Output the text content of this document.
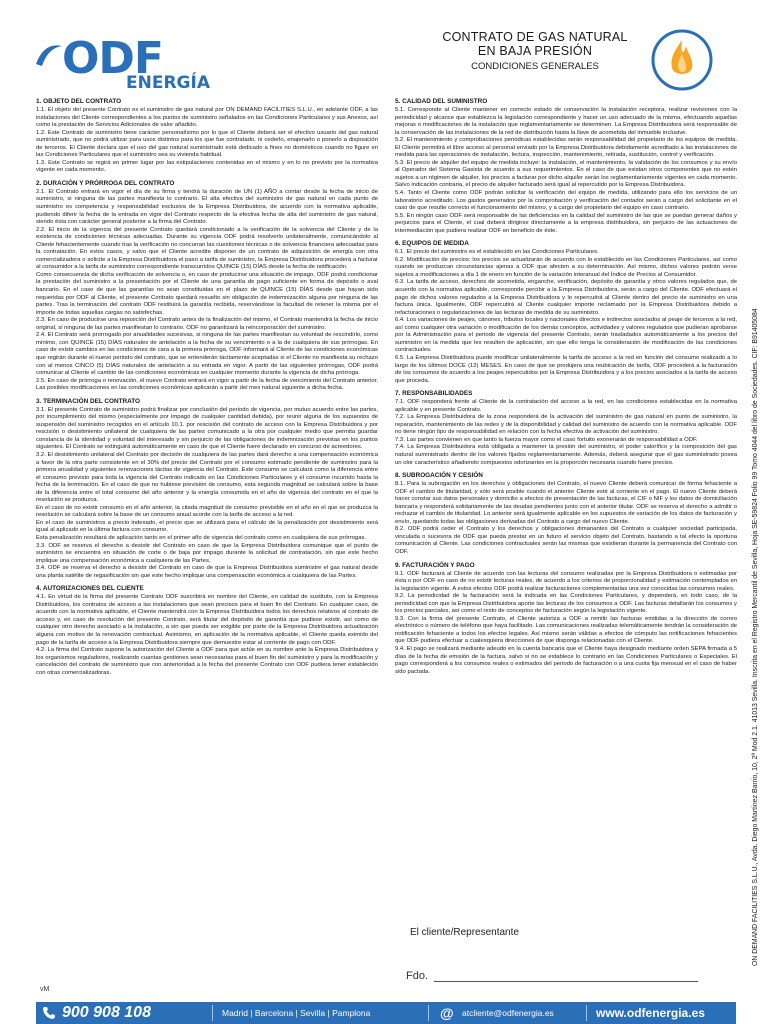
ODF
ENERGÍA
CONTRATO DE GAS NATURAL
EN BAJA PRESIÓN
CONDICIONES GENERALES
1. OBJETO DEL CONTRATO

1.1. El objeto del presente Contrato es el suministro de gas natural por ON DEMAND FACILITIES S.L.U., en adelante ODF, a las instalaciones del Cliente correspondientes a los puntos de suministro señalados en las Condiciones Particulares y sus Anexos, así como la prestación de Servicios Adicionales de valor añadido.

1.2. Este Contrato de suministro tiene carácter personalísimo por lo que el Cliente deberá ser el efectivo usuario del gas natural suministrado, que no podrá utilizar para usos distintos para los que fue contratado, ni cederlo, enajenarlo o ponerlo a disposición de terceros. El Cliente declara que el uso del gas natural suministrado está dedicado a fines no domésticos cuando no figure en las Condiciones Particulares que el suministro sea su vivienda habitual.

1.3. Este Contrato se regirá en primer lugar por las estipulaciones contenidas en el mismo y en lo no previsto por la normativa vigente en cada momento.

2. DURACIÓN Y PRÓRROGA DEL CONTRATO

2.1. El Contrato entrará en vigor el día de su firma y tendrá la duración de UN (1) AÑO a contar desde la fecha de inicio de suministro, si ninguna de las partes manifiesta lo contrario. El alta efectiva del suministro de gas natural en cada punto de suministro es competencia y responsabilidad exclusiva de la Empresa Distribuidora, de acuerdo con la normativa aplicable, pudiendo diferir la fecha de la entrada en vigor del Contrato respecto de la efectiva fecha de alta del suministro de gas natural, siendo ésta con carácter general posterior a la firma del Contrato.

2.2. El inicio de la vigencia del presente Contrato quedará condicionado a la verificación de la solvencia del Cliente y de la existencia de condiciones técnicas adecuadas. Durante su vigencia ODF podrá resolverlo unilateralmente, comunicándolo al Cliente fehacientemente cuando tras la verificación no concurran las cuestiones técnicas o de solvencia financiera adecuadas para la contratación. En estos casos, y salvo que el Cliente acredite disponer de un contrato de adquisición de energía con otra comercializadora o solicite a la Empresa Distribuidora el paso a tarifa de suministro, la Empresa Distribuidora procederá a facturar al consumidor a la tarifa de suministro correspondiente transcurridos QUINCE (15) DÍAS desde la fecha de notificación.

Como consecuencia de dicha verificación de solvencia o, en caso de producirse una situación de impago, ODF podrá condicionar la prestación del suministro a la presentación por el Cliente de una garantía de pago suficiente en forma de depósito o aval bancario. En el caso de que las garantías no sean constituidas en el plazo de QUINCE (15) DÍAS desde que hayan sido requeridas por ODF al Cliente, el presente Contrato quedará resuelto sin obligación de indemnización alguna por ninguna de las partes. Tras la terminación del contrato ODF restituirá la garantía recibida, reservándose la facultad de retener la misma por el importe de todas aquellas cargas no satisfechas.

2.3. En caso de producirse una reposición del Contrato antes de la finalización del mismo, el Contrato mantendrá la fecha de inicio original, si ninguna de las partes manifiestan lo contrario. ODF no garantizará la reincorporación del suministro.

2.4. El Contrato será prorrogado por anualidades sucesivas, si ninguna de las partes manifiestan su voluntad de rescindirlo, como mínimo, con QUINCE (15) DÍAS naturales de antelación a la fecha de su vencimiento o a la de cualquiera de sus prórrogas. En caso de existir cambios en las condiciones de cara a la primera prórroga, ODF informará al Cliente de las condiciones económicas que regirán durante el nuevo periodo del contrato, que se entenderán tácitamente aceptadas si el Cliente no manifiesta su rechazo con al menos CINCO (5) DÍAS naturales de antelación a su entrada en vigor. A partir de las siguientes prórrogas, ODF podrá comunicar al Cliente el cambio de las condiciones económicas en cualquier momento durante la vigencia de dicha prórroga.

2.5. En caso de prórroga o renovación, el nuevo Contrato entrará en vigor a partir de la fecha de vencimiento del Contrato anterior. Las posibles modificaciones en las condiciones económicas aplicarán a partir del mes natural siguiente a dicha fecha.

3. TERMINACIÓN DEL CONTRATO

3.1. El presente Contrato de suministro podrá finalizar por conclusión del periodo de vigencia, por mutuo acuerdo entre las partes, por incumplimiento del mismo (especialmente por impago de cualquier cantidad debida), por reunir alguna de los supuestos de suspensión del suministro recogidos en el artículo 10.1. por rescisión del contrato de acceso con la Empresa Distribuidora y por rescisión o desistimiento unilateral de cualquiera de las partes comunicado a la otra por cualquier medio que permita guardar constancia de la identidad y voluntad del interesado y sin perjuicio de las obligaciones de indemnización previstas en los puntos siguientes. El Contrato se extinguirá automáticamente en caso de que el Cliente fuere declarado en concurso de acreedores.

3.2. El desistimiento unilateral del Contrato por decisión de cualquiera de las partes dará derecho a una compensación económica a favor de la otra parte consistente en el 30% del precio del Contrato por el consumo estimado pendiente de suministro para la primera anualidad y siguientes renovaciones tácitas de vigencia del Contrato. Este consumo se calculará como la diferencia entre el consumo previsto para toda la vigencia del Contrato indicado en las Condiciones Particulares y el consumo incurrido hasta la fecha de la terminación. En el caso de que no hubiese previsión de consumo, esta segunda magnitud se calculará sobre la base de la diferencia entre el total consumo del año anterior y la energía consumida en el año de vigencia del contrato en el que la resolución se produzca.

En el caso de no existir consumo en el año anterior, la citada magnitud de consumo previsible en el año en el que se produzca la resolución se calculará sobre la base de un consumo anual acorde con la tarifa de acceso a la red.

En el caso de suministros a precio indexado, el precio que se utilizará para el cálculo de la penalización por desistimiento será igual al aplicado en la última factura con consumo.

Esta penalización resultará de aplicación tanto en el primer año de vigencia del contrato como en cualquiera de sus prórrogas.

3.3. ODF se reserva el derecho a desistir del Contrato en caso de que la Empresa Distribuidora comunique que el punto de suministro se encuentra en situación de corte o de baja por impago durante la solicitud de contratación, sin que este hecho implique una compensación económica a cualquiera de las Partes.

3.4. ODF se reserva el derecho a desistir del Contrato en caso de que la Empresa Distribuidora suministre el gas natural desde una planta satélite de regasificación sin que este hecho implique una compensación económica a cualquiera de las Partes.

4. AUTORIZACIONES DEL CLIENTE

4.1. En virtud de la firma del presente Contrato ODF suscribirá en nombre del Cliente, en calidad de sustituto, con la Empresa Distribuidora, los contratos de acceso a las instalaciones que sean precisos para el buen fin del Contrato. En cualquier caso, de acuerdo con la normativa aplicable, el Cliente mantendrá con la Empresa Distribuidora todos los derechos relativos al contrato de acceso y, en caso de resolución del presente Contrato, será titular del depósito de garantía que pudiese existir, así como de cualquier otro derecho asociado a la instalación, a sin que pueda ser exigible por parte de la Empresa Distribuidora actualización alguna con motivo de la renovación contractual. Asimismo, en aplicación de la normativa aplicable, el Cliente queda eximido del pago de la tarifa de acceso a la Empresa Distribuidora siempre que demuestre estar al corriente de pago con ODF.

4.2. La firma del Contrato supone la autorización del Cliente a ODF para que actúe en su nombre ante la Empresa Distribuidora y los organismos reguladores, realizando cuantas gestiones sean necesarias para el buen fin del suministro y para la modificación y cancelación del contrato de suministro que con anterioridad a la fecha del presente Contrato con ODF pudiera tener establecido con otras comercializadoras.

5. CALIDAD DEL SUMINISTRO

5.1. Corresponde al Cliente mantener en correcto estado de conservación la instalación receptora, realizar revisiones con la periodicidad y alcance que establezca la legislación correspondiente y hacer un uso adecuado de la misma, efectuando aquellas mejoras o modificaciones de la instalación que reglamentariamente se determinen. La Empresa Distribuidora será responsable de la conservación de las instalaciones de la red de distribución hasta la llave de acometida del inmueble inclusive.

5.2. El mantenimiento y comprobaciones periódicas establecidas serán responsabilidad del propietario de los equipos de medida. El Cliente permitirá el libre acceso al personal enviado por la Empresa Distribuidora debidamente acreditado a las instalaciones de medida para las operaciones de instalación, lectura, inspección, mantenimiento, retirada, sustitución, control y verificación.

5.3. El precio de alquiler del equipo de medida incluye: la instalación, el mantenimiento, la validación de los consumos y su envío al Operador del Sistema Gasista de acuerdo a sus requerimientos. En el caso de que existan otros componentes que no estén sujetos a un régimen de alquiler, los precios a facturar por dicho alquiler serán los reglamentariamente vigentes en cada momento. Salvo indicación contraria, el precio de alquiler facturado será igual al repercutido por la Empresa Distribuidora.

5.4. Tanto el Cliente como ODF podrán solicitar la verificación del equipo de medida, utilizando para ello los servicios de un laboratorio acreditado. Los gastos generados por la comprobación y verificación del contador serán a cargo del solicitante en el caso de que resulte correcto el funcionamiento del mismo, y a cargo del propietario del equipo en caso contrario.

5.5. En ningún caso ODF será responsable de las deficiencias en la calidad del suministro de las que se puedan generar daños y perjuicios para el Cliente, el cual deberá dirigirse directamente a la empresa distribuidora, sin perjuicio de las actuaciones de intermediación que pudiera realizar ODF en beneficio de éste.

6. EQUIPOS DE MEDIDA

6.1. El precio del suministro es el establecido en las Condiciones Particulares.

6.2. Modificación de precios: los precios se actualizarán de acuerdo con lo establecido en las Condiciones Particulares, así como cuando se produzcan circunstancias ajenas a ODF que afecten a su determinación. Así mismo, dichos valores podrán verse sujetos a modificaciones a día 1 de enero en función de la variación interanual del Índice de Precios al Consumidor.

6.3. La tarifa de acceso, derechos de acometida, enganche, verificación, depósito de garantía y otros valores regulados que, de acuerdo con la normativa aplicable, corresponde percibir a la Empresa Distribuidora, serán a cargo del Cliente. ODF efectuará el pago de dichos valores regulados a la Empresa Distribuidora y lo repercutirá al Cliente dentro del precio de suministro en una factura única. Igualmente, ODF repercutirá al Cliente cualquier importe reclamado por la Empresa Distribuidora debido a refacturaciones o regularizaciones de las lecturas de medida de su suministro.

6.4. Los variaciones de peajes, cánones, tributos locales y nacionales directos e indirectos asociados al peaje de terceros a la red, así como cualquier otra variación o modificación de los demás conceptos, actividades y valores regulados que pudieran aprobarse por la Administración para el periodo de vigencia del presente Contrato, serán trasladados automáticamente a los precios del suministro en la medida que les resulten de aplicación, sin que ello tenga la consideración de modificación de las condiciones contractuales.

6.5. La Empresa Distribuidora puede modificar unilateralmente la tarifa de acceso a la red en función del consumo realizado a lo largo de los últimos DOCE (12) MESES. En caso de que se produjera una reubicación de tarifa, ODF procederá a la facturación de los consumos de acuerdo a los peajes repercutidos por la Empresa Distribuidora y a los precios asociados a la tarifa de acceso que proceda.

7. RESPONSABILIDADES

7.1. ODF responderá frente al Cliente de la contratación del acceso a la red, en las condiciones establecidas en la normativa aplicable y en presente Contrato.

7.2. La Empresa Distribuidora de la zona responderá de la activación del suministro de gas natural en punto de suministro, la reparación, mantenimiento de las redes y de la disponibilidad y calidad del suministro de acuerdo con la normativa aplicable. ODF no tiene ningún tipo de responsabilidad en relación con la fecha efectiva de activación del suministro.

7.3. Las partes convienen en que tanto la fuerza mayor como el caso fortuito exonerarán de responsabilidad a ODF.

7.4. La Empresa Distribuidora está obligada a mantener la presión del suministro, el poder calorífico y la composición del gas natural suministrado dentro de los valores fijados reglamentariamente. Además, deberá asegurar que el gas suministrado posea un olor característico añadiendo compuestos odorizantes en la proporción necesaria cuando fuere preciso.

8. SUBROGACIÓN Y CESIÓN

8.1. Para la subrogación en los derechos y obligaciones del Contrato, el nuevo Cliente deberá comunicar de forma fehaciente a ODF el cambio de titularidad, y sólo será posible cuando el anterior Cliente esté al corriente en el pago. El nuevo Cliente deberá hacer constar sus datos personales y domicilio a efectos de presentación de las facturas, el CIF o NIF y los datos de domiciliación bancaria y responderá solidariamente de las deudas pendientes junto con el anterior titular. ODF se reserva el derecho a admitir o rechazar el cambio de titularidad. Lo anterior será igualmente aplicable en los supuestos de variación de los datos de facturación y envío, quedando todas las obligaciones derivadas del Contrato a cargo del nuevo Cliente.

8.2. ODF podrá ceder el Contrato y los derechos y obligaciones dimanantes del Contrato a cualquier sociedad participada, vinculada o sucesora de ODF que pueda prestar en un futuro el servicio objeto del Contrato, bastando a tal efecto la oportuna comunicación al Cliente. Las condiciones contractuales serán las mismas que existieran durante la permanencia del Contrato con ODF.

9. FACTURACIÓN Y PAGO

9.1. ODF facturará al Cliente de acuerdo con las lecturas del consumo realizadas por la Empresa Distribuidora o estimadas por ésta o por ODF en caso de no existir lecturas reales, de acuerdo a los criterios de proporcionalidad y estimación contemplados en la legislación vigente. A estos efectos ODF podrá realizar facturaciones complementarias una vez conocidas las consumos reales.

9.2. La periodicidad de la facturación será la indicada en las Condiciones Particulares, y dependerá, en todo caso, de la periodicidad con que la Empresa Distribuidora aporte las lecturas de los consumos a ODF. Las facturas detallarán los consumos y los precios parciales, así como el resto de conceptos de facturación según la legislación vigente.

9.3. Con la firma del presente Contrato, el Cliente autoriza a ODF a remitir las facturas emitidas a la dirección de correo electrónico o número de teléfono que haya facilitado. Las comunicaciones realizadas telemáticamente tendrán la consideración de notificación fehaciente a todos los efectos legales. Así mismo serán válidas a efectos de cómputo las notificaciones fehacientes que ODF pudiera efectuar a cualesquiera direcciones de que disponga relacionadas con el Cliente.

9.4. El pago se realizará mediante adeudo en la cuenta bancaria que el Cliente haya designado mediante orden SEPA firmada a 5 días de la fecha de emisión de la factura, salvo si no se establece lo contrario en las Condiciones Particulares o Especiales. El pago corresponderá a los consumos reales o estimados del periodo de facturación o a una cuota fija mensual en el caso de haber sido pactada.

El cliente/Representante
Fdo.
vM
ON DEMAND FACILITIES S.L.U., Avda. Diego Martínez Barrio, 10, 2ª Mod 2.1. 41013 Sevilla. Inscrita en el Registro Mercantil de Sevilla, Hoja SE-59824 Folio 99 Tomo 4044 del libro de Sociedades. CIF: B91405084
900 908 108	Madrid | Barcelona | Sevilla | Pamplona	@ atcliente@odfenergia.es	www.odfenergia.es
